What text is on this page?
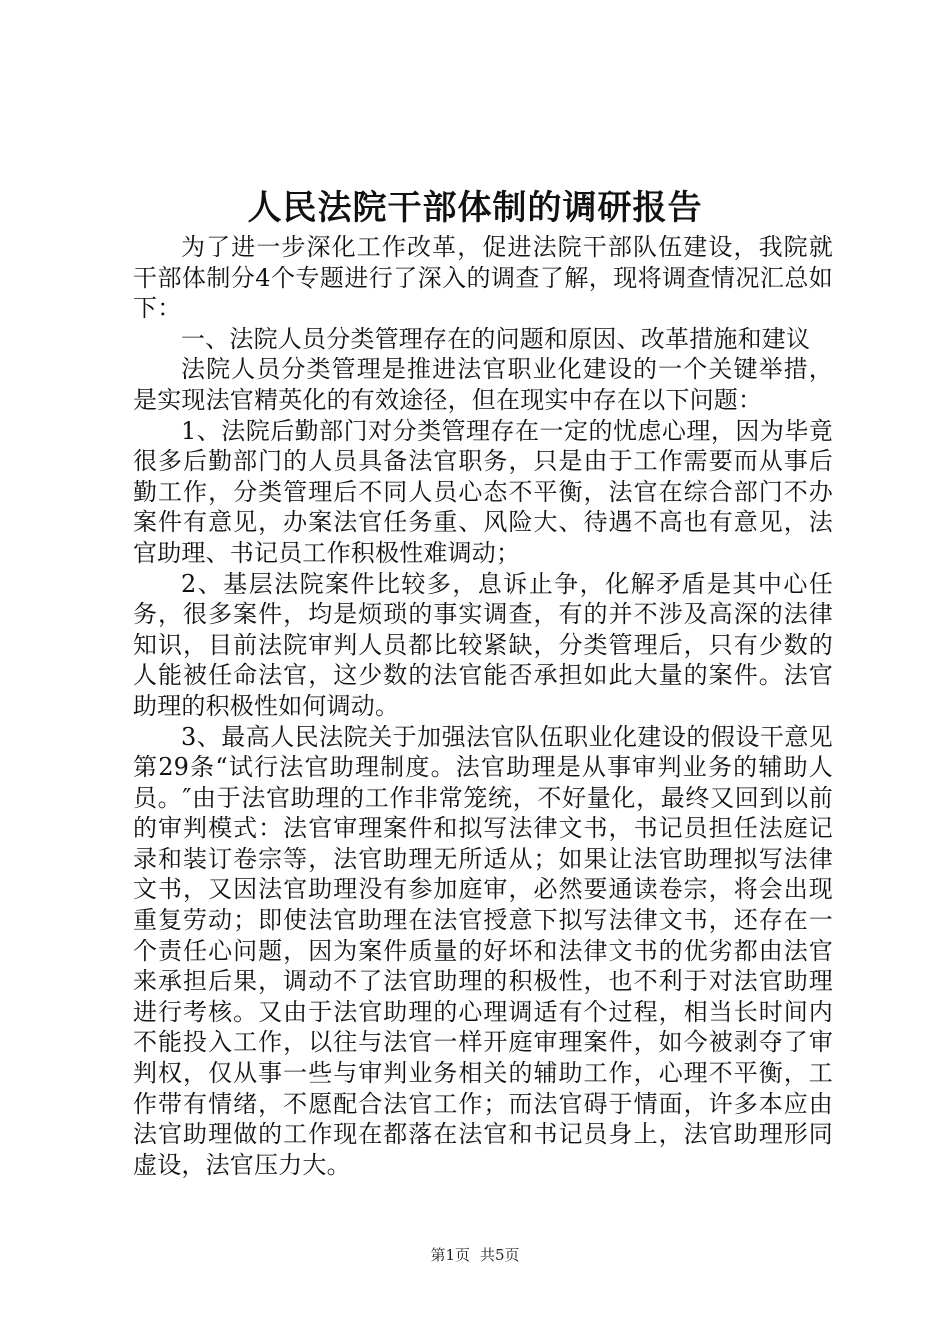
人民法院干部体制的调研报告

为了进一步深化工作改革，促进法院干部队伍建设，我院就干部体制分4个专题进行了深入的调查了解，现将调查情况汇总如下：

一、法院人员分类管理存在的问题和原因、改革措施和建议

法院人员分类管理是推进法官职业化建设的一个关键举措，是实现法官精英化的有效途径，但在现实中存在以下问题：

1、法院后勤部门对分类管理存在一定的忧虑心理，因为毕竟很多后勤部门的人员具备法官职务，只是由于工作需要而从事后勤工作，分类管理后不同人员心态不平衡，法官在综合部门不办案件有意见，办案法官任务重、风险大、待遇不高也有意见，法官助理、书记员工作积极性难调动；

2、基层法院案件比较多，息诉止争，化解矛盾是其中心任务，很多案件，均是烦琐的事实调查，有的并不涉及高深的法律知识，目前法院审判人员都比较紧缺，分类管理后，只有少数的人能被任命法官，这少数的法官能否承担如此大量的案件。法官助理的积极性如何调动。

3、最高人民法院关于加强法官队伍职业化建设的假设干意见第29条“试行法官助理制度。法官助理是从事审判业务的辅助人员。″由于法官助理的工作非常笼统，不好量化，最终又回到以前的审判模式：法官审理案件和拟写法律文书，书记员担任法庭记录和装订卷宗等，法官助理无所适从；如果让法官助理拟写法律文书，又因法官助理没有参加庭审，必然要通读卷宗，将会出现重复劳动；即使法官助理在法官授意下拟写法律文书，还存在一个责任心问题，因为案件质量的好坏和法律文书的优劣都由法官来承担后果，调动不了法官助理的积极性，也不利于对法官助理进行考核。又由于法官助理的心理调适有个过程，相当长时间内不能投入工作，以往与法官一样开庭审理案件，如今被剥夺了审判权，仅从事一些与审判业务相关的辅助工作，心理不平衡，工作带有情绪，不愿配合法官工作；而法官碍于情面，许多本应由法官助理做的工作现在都落在法官和书记员身上，法官助理形同虚设，法官压力大。

第1页 共5页
